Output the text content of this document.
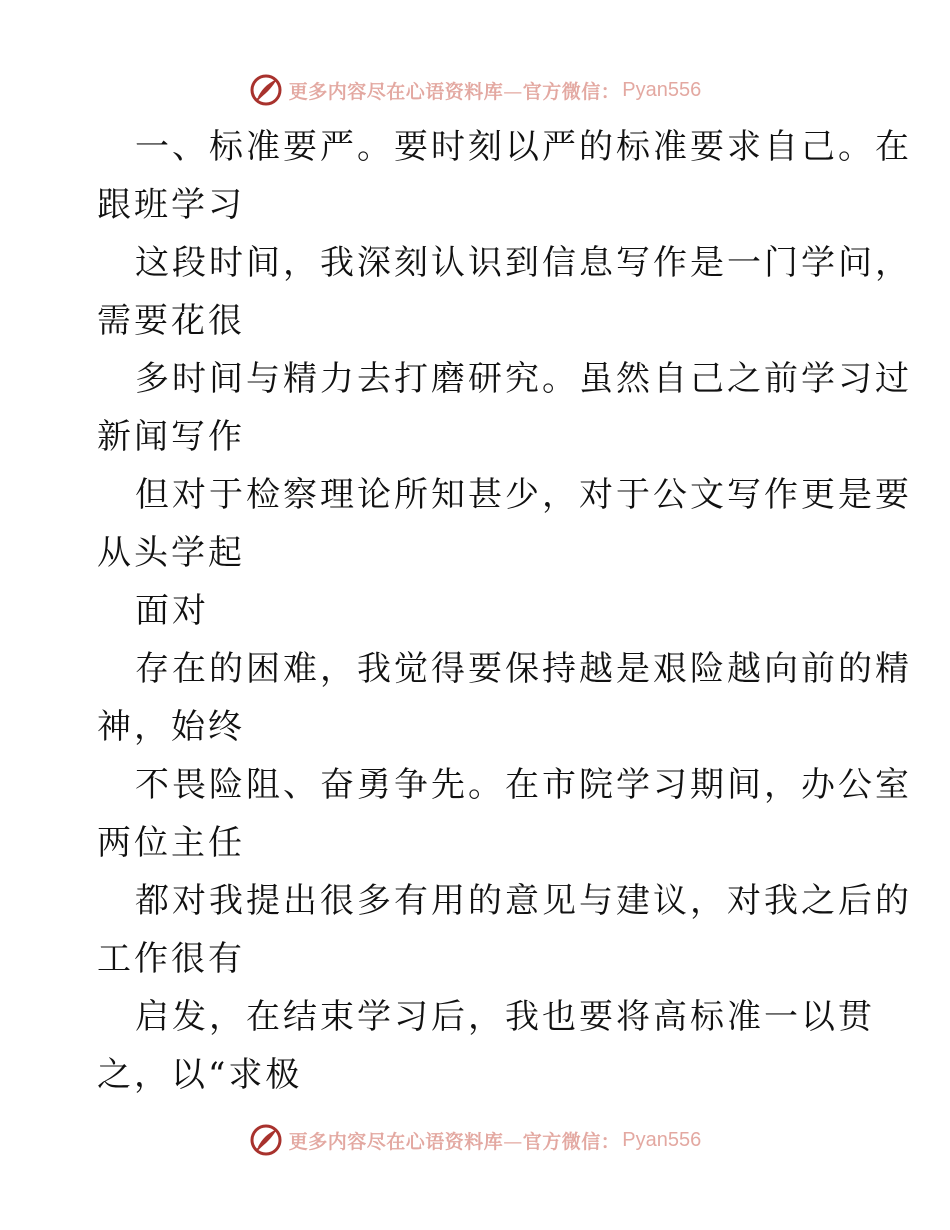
更多内容尽在心语资料库—官方微信： Pyan556

一、标准要严。要时刻以严的标准要求自己。在
跟班学习

这段时间，我深刻认识到信息写作是一门学问，
需要花很

多时间与精力去打磨研究。虽然自己之前学习过
新闻写作

但对于检察理论所知甚少，对于公文写作更是要
从头学起

面对

存在的困难，我觉得要保持越是艰险越向前的精
神，始终

不畏险阻、奋勇争先。在市院学习期间，办公室
两位主任

都对我提出很多有用的意见与建议，对我之后的
工作很有

启发，在结束学习后，我也要将高标准一以贯
之，以“求极

更多内容尽在心语资料库—官方微信： Pyan556
